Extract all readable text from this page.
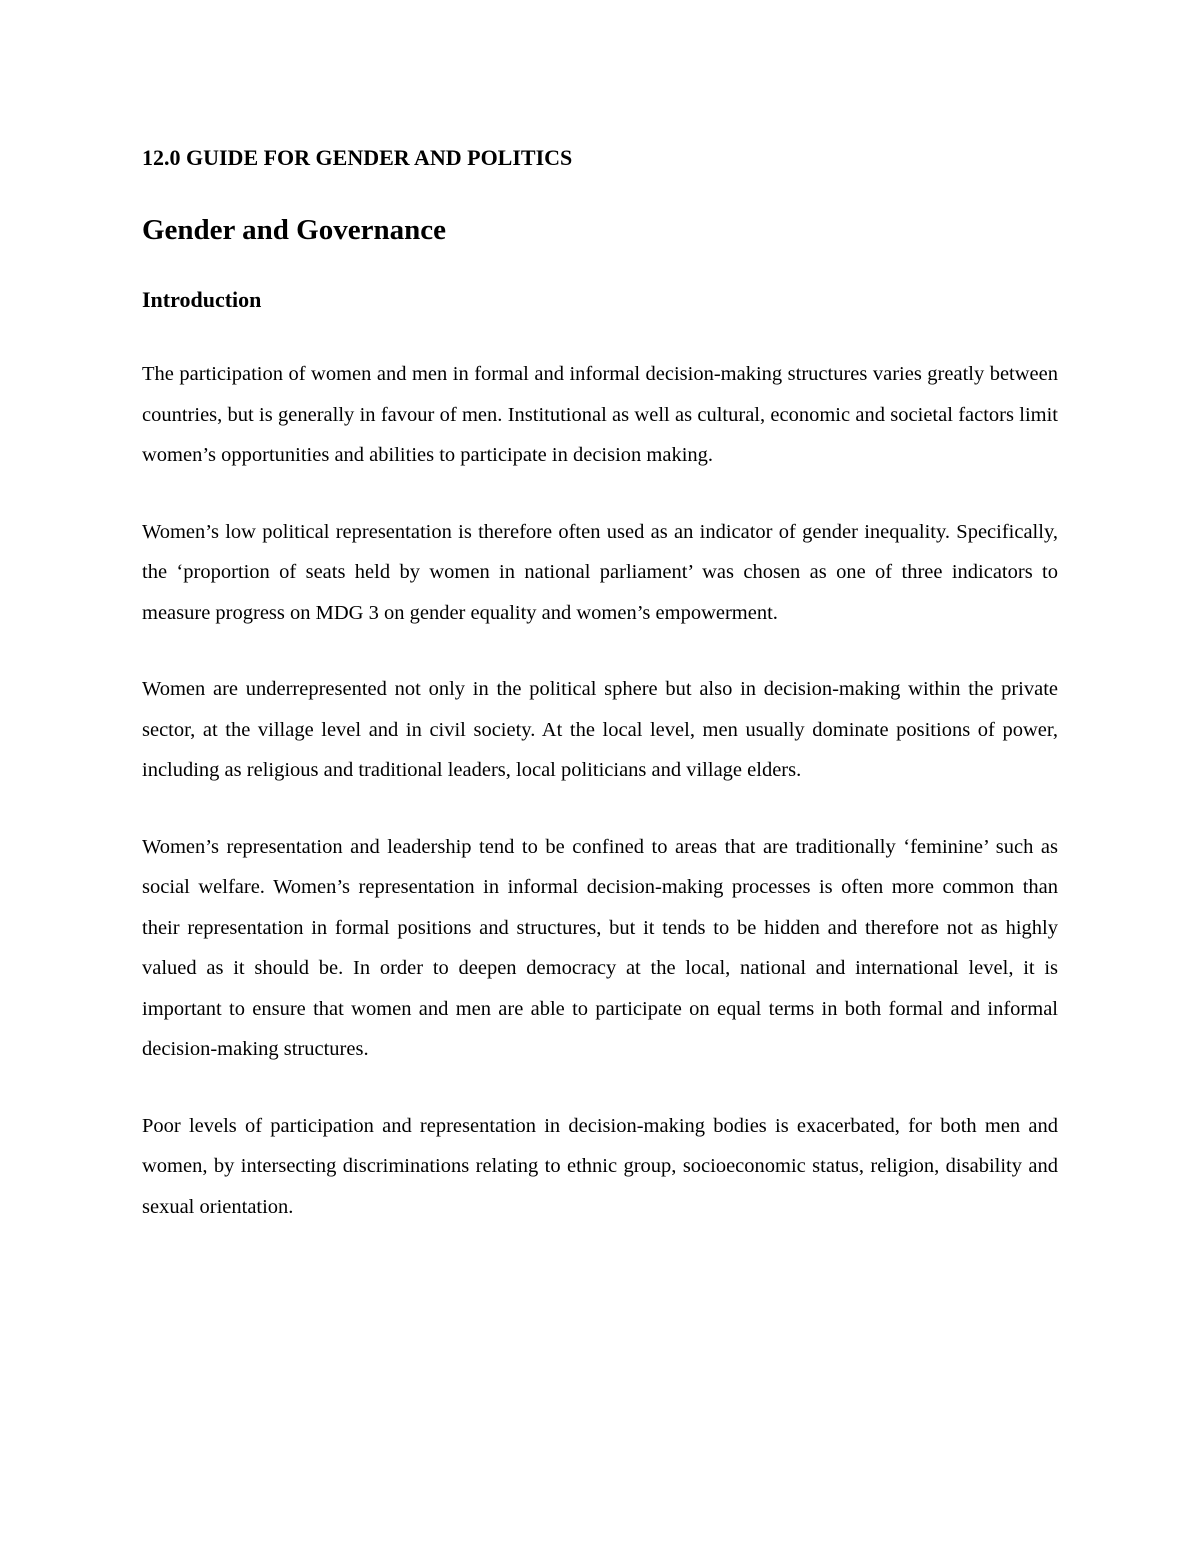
12.0 GUIDE FOR GENDER AND POLITICS
Gender and Governance
Introduction

The participation of women and men in formal and informal decision-making structures varies greatly between countries, but is generally in favour of men. Institutional as well as cultural, economic and societal factors limit women’s opportunities and abilities to participate in decision making.

Women’s low political representation is therefore often used as an indicator of gender inequality. Specifically, the ‘proportion of seats held by women in national parliament’ was chosen as one of three indicators to measure progress on MDG 3 on gender equality and women’s empowerment.

Women are underrepresented not only in the political sphere but also in decision-making within the private sector, at the village level and in civil society. At the local level, men usually dominate positions of power, including as religious and traditional leaders, local politicians and village elders.

Women’s representation and leadership tend to be confined to areas that are traditionally ‘feminine’ such as social welfare. Women’s representation in informal decision-making processes is often more common than their representation in formal positions and structures, but it tends to be hidden and therefore not as highly valued as it should be. In order to deepen democracy at the local, national and international level, it is important to ensure that women and men are able to participate on equal terms in both formal and informal decision-making structures.

Poor levels of participation and representation in decision-making bodies is exacerbated, for both men and women, by intersecting discriminations relating to ethnic group, socioeconomic status, religion, disability and sexual orientation.
